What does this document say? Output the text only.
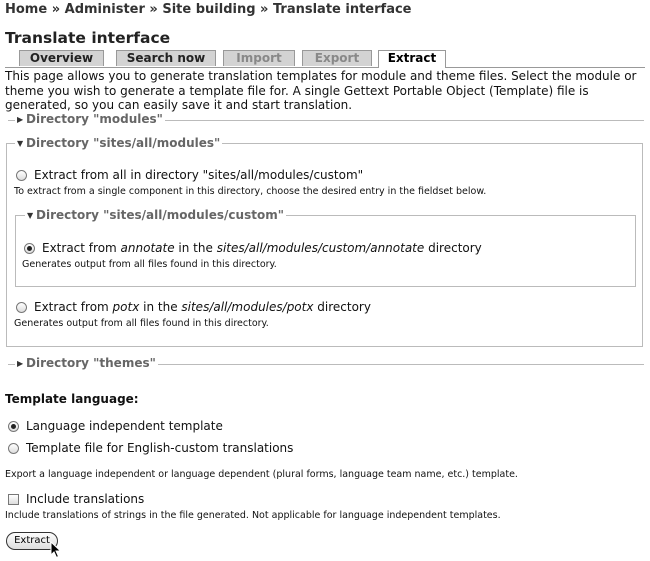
Home » Administer » Site building » Translate interface
Translate interface
Overview	Search now	Import	Export	Extract
This page allows you to generate translation templates for module and theme files. Select the module or theme you wish to generate a template file for. A single Gettext Portable Object (Template) file is generated, so you can easily save it and start translation.
▶ Directory "modules"
▼ Directory "sites/all/modules"
Extract from all in directory "sites/all/modules/custom"
To extract from a single component in this directory, choose the desired entry in the fieldset below.
▼ Directory "sites/all/modules/custom"
Extract from annotate in the sites/all/modules/custom/annotate directory
Generates output from all files found in this directory.
Extract from potx in the sites/all/modules/potx directory
Generates output from all files found in this directory.
▶ Directory "themes"
Template language:
Language independent template
Template file for English-custom translations
Export a language independent or language dependent (plural forms, language team name, etc.) template.
Include translations
Include translations of strings in the file generated. Not applicable for language independent templates.
Extract
